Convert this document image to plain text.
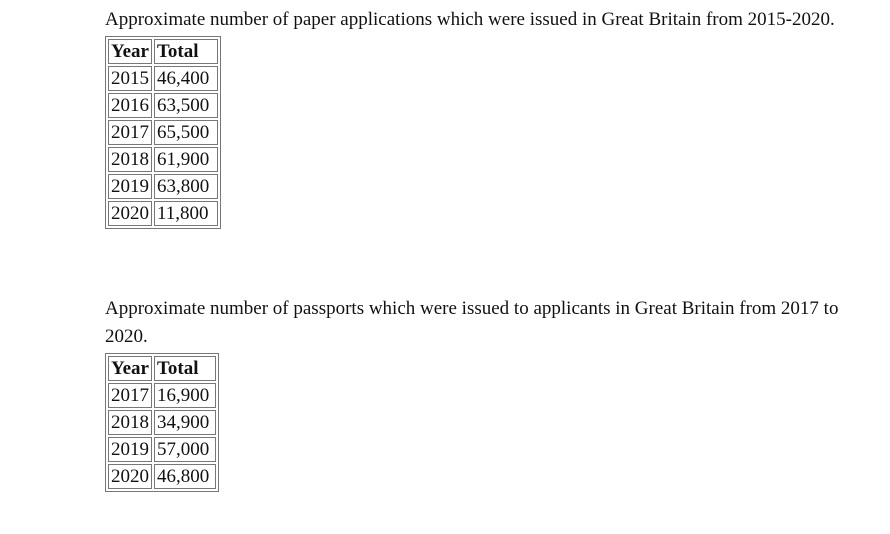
Approximate number of paper applications which were issued in Great Britain from 2015-2020.

Year	Total
2015	46,400
2016	63,500
2017	65,500
2018	61,900
2019	63,800
2020	11,800

Approximate number of passports which were issued to applicants in Great Britain from 2017 to 2020.

Year	Total
2017	16,900
2018	34,900
2019	57,000
2020	46,800
